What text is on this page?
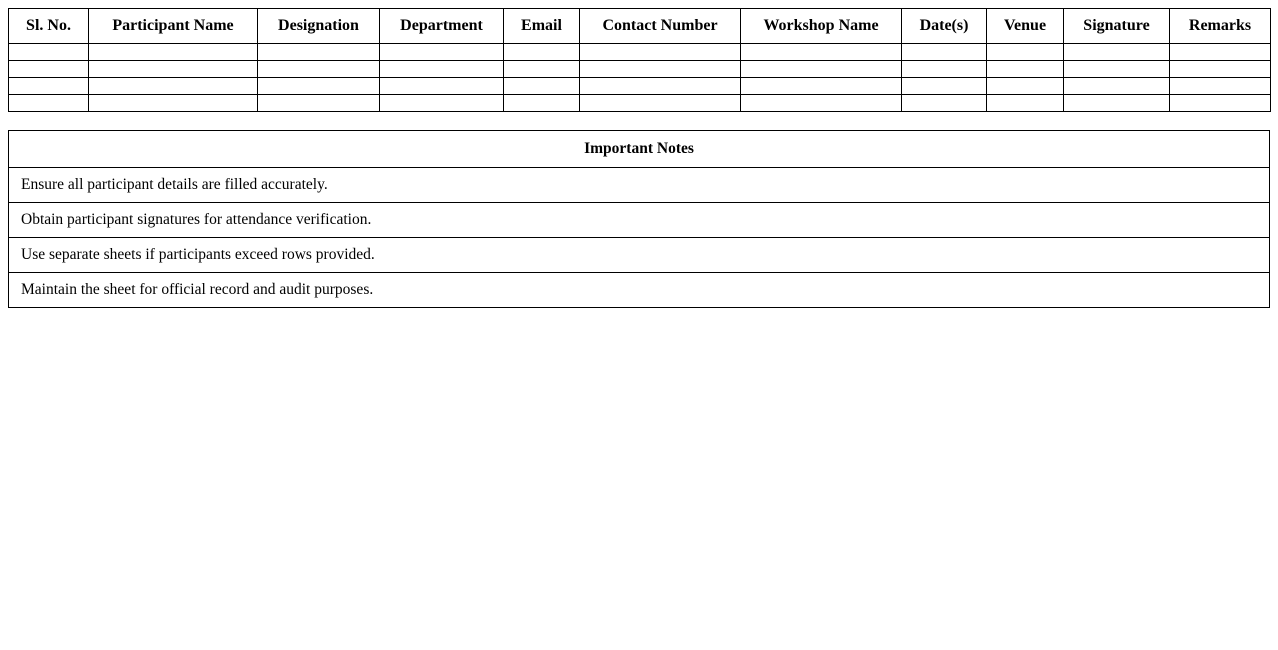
Sl. No.	Participant Name	Designation	Department	Email	Contact Number	Workshop Name	Date(s)	Venue	Signature	Remarks

Important Notes
Ensure all participant details are filled accurately.
Obtain participant signatures for attendance verification.
Use separate sheets if participants exceed rows provided.
Maintain the sheet for official record and audit purposes.
